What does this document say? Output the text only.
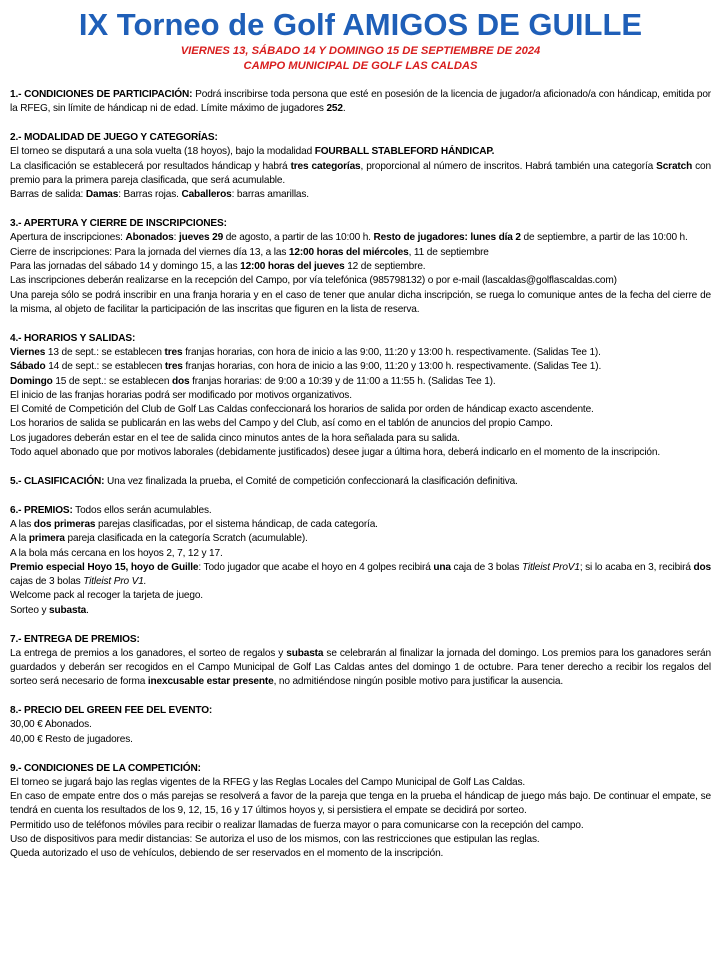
IX Torneo de Golf AMIGOS DE GUILLE
VIERNES 13, SÁBADO 14 Y DOMINGO 15 DE SEPTIEMBRE DE 2024
CAMPO MUNICIPAL DE GOLF LAS CALDAS
1.- CONDICIONES DE PARTICIPACIÓN: Podrá inscribirse toda persona que esté en posesión de la licencia de jugador/a aficionado/a con hándicap, emitida por la RFEG, sin límite de hándicap ni de edad. Límite máximo de jugadores 252.
2.- MODALIDAD DE JUEGO Y CATEGORÍAS:
El torneo se disputará a una sola vuelta (18 hoyos), bajo la modalidad FOURBALL STABLEFORD HÁNDICAP.
La clasificación se establecerá por resultados hándicap y habrá tres categorías, proporcional al número de inscritos. Habrá también una categoría Scratch con premio para la primera pareja clasificada, que será acumulable.
Barras de salida: Damas: Barras rojas. Caballeros: barras amarillas.
3.- APERTURA Y CIERRE DE INSCRIPCIONES:
Apertura de inscripciones: Abonados: jueves 29 de agosto, a partir de las 10:00 h. Resto de jugadores: lunes día 2 de septiembre, a partir de las 10:00 h.
Cierre de inscripciones: Para la jornada del viernes día 13, a las 12:00 horas del miércoles, 11 de septiembre
Para las jornadas del sábado 14 y domingo 15, a las 12:00 horas del jueves 12 de septiembre.
Las inscripciones deberán realizarse en la recepción del Campo, por vía telefónica (985798132) o por e-mail (lascaldas@golflascaldas.com)
Una pareja sólo se podrá inscribir en una franja horaria y en el caso de tener que anular dicha inscripción, se ruega lo comunique antes de la fecha del cierre de la misma, al objeto de facilitar la participación de las inscritas que figuren en la lista de reserva.
4.- HORARIOS Y SALIDAS:
Viernes 13 de sept.: se establecen tres franjas horarias, con hora de inicio a las 9:00, 11:20 y 13:00 h. respectivamente. (Salidas Tee 1).
Sábado 14 de sept.: se establecen tres franjas horarias, con hora de inicio a las 9:00, 11:20 y 13:00 h. respectivamente. (Salidas Tee 1).
Domingo 15 de sept.: se establecen dos franjas horarias: de 9:00 a 10:39 y de 11:00 a 11:55 h. (Salidas Tee 1).
El inicio de las franjas horarias podrá ser modificado por motivos organizativos.
El Comité de Competición del Club de Golf Las Caldas confeccionará los horarios de salida por orden de hándicap exacto ascendente.
Los horarios de salida se publicarán en las webs del Campo y del Club, así como en el tablón de anuncios del propio Campo.
Los jugadores deberán estar en el tee de salida cinco minutos antes de la hora señalada para su salida.
Todo aquel abonado que por motivos laborales (debidamente justificados) desee jugar a última hora, deberá indicarlo en el momento de la inscripción.
5.- CLASIFICACIÓN: Una vez finalizada la prueba, el Comité de competición confeccionará la clasificación definitiva.
6.- PREMIOS: Todos ellos serán acumulables.
A las dos primeras parejas clasificadas, por el sistema hándicap, de cada categoría.
A la primera pareja clasificada en la categoría Scratch (acumulable).
A la bola más cercana en los hoyos 2, 7, 12 y 17.
Premio especial Hoyo 15, hoyo de Guille: Todo jugador que acabe el hoyo en 4 golpes recibirá una caja de 3 bolas Titleist ProV1; si lo acaba en 3, recibirá dos cajas de 3 bolas Titleist Pro V1.
Welcome pack al recoger la tarjeta de juego.
Sorteo y subasta.
7.- ENTREGA DE PREMIOS:
La entrega de premios a los ganadores, el sorteo de regalos y subasta se celebrarán al finalizar la jornada del domingo. Los premios para los ganadores serán guardados y deberán ser recogidos en el Campo Municipal de Golf Las Caldas antes del domingo 1 de octubre. Para tener derecho a recibir los regalos del sorteo será necesario de forma inexcusable estar presente, no admitiéndose ningún posible motivo para justificar la ausencia.
8.- PRECIO DEL GREEN FEE DEL EVENTO:
30,00 € Abonados.
40,00 € Resto de jugadores.
9.- CONDICIONES DE LA COMPETICIÓN:
El torneo se jugará bajo las reglas vigentes de la RFEG y las Reglas Locales del Campo Municipal de Golf Las Caldas.
En caso de empate entre dos o más parejas se resolverá a favor de la pareja que tenga en la prueba el hándicap de juego más bajo. De continuar el empate, se tendrá en cuenta los resultados de los 9, 12, 15, 16 y 17 últimos hoyos y, si persistiera el empate se decidirá por sorteo.
Permitido uso de teléfonos móviles para recibir o realizar llamadas de fuerza mayor o para comunicarse con la recepción del campo.
Uso de dispositivos para medir distancias: Se autoriza el uso de los mismos, con las restricciones que estipulan las reglas.
Queda autorizado el uso de vehículos, debiendo de ser reservados en el momento de la inscripción.
